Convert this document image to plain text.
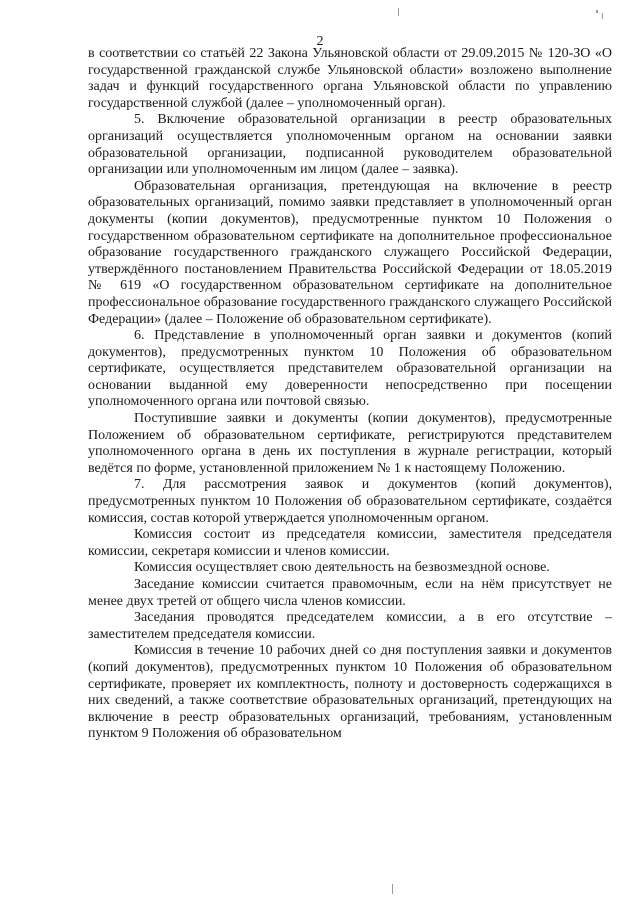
2

в соответствии со статьёй 22 Закона Ульяновской области от 29.09.2015 № 120-ЗО «О государственной гражданской службе Ульяновской области» возложено выполнение задач и функций государственного органа Ульяновской области по управлению государственной службой (далее – уполномоченный орган).

5. Включение образовательной организации в реестр образовательных организаций осуществляется уполномоченным органом на основании заявки образовательной организации, подписанной руководителем образовательной организации или уполномоченным им лицом (далее – заявка).

Образовательная организация, претендующая на включение в реестр образовательных организаций, помимо заявки представляет в уполномоченный орган документы (копии документов), предусмотренные пунктом 10 Положения о государственном образовательном сертификате на дополнительное профессиональное образование государственного гражданского служащего Российской Федерации, утверждённого постановлением Правительства Российской Федерации от 18.05.2019 № 619 «О государственном образовательном сертификате на дополнительное профессиональное образование государственного гражданского служащего Российской Федерации» (далее – Положение об образовательном сертификате).

6. Представление в уполномоченный орган заявки и документов (копий документов), предусмотренных пунктом 10 Положения об образовательном сертификате, осуществляется представителем образовательной организации на основании выданной ему доверенности непосредственно при посещении уполномоченного органа или почтовой связью.

Поступившие заявки и документы (копии документов), предусмотренные Положением об образовательном сертификате, регистрируются представителем уполномоченного органа в день их поступления в журнале регистрации, который ведётся по форме, установленной приложением № 1 к настоящему Положению.

7. Для рассмотрения заявок и документов (копий документов), предусмотренных пунктом 10 Положения об образовательном сертификате, создаётся комиссия, состав которой утверждается уполномоченным органом.

Комиссия состоит из председателя комиссии, заместителя председателя комиссии, секретаря комиссии и членов комиссии.

Комиссия осуществляет свою деятельность на безвозмездной основе.

Заседание комиссии считается правомочным, если на нём присутствует не менее двух третей от общего числа членов комиссии.

Заседания проводятся председателем комиссии, а в его отсутствие – заместителем председателя комиссии.

Комиссия в течение 10 рабочих дней со дня поступления заявки и документов (копий документов), предусмотренных пунктом 10 Положения об образовательном сертификате, проверяет их комплектность, полноту и достоверность содержащихся в них сведений, а также соответствие образовательных организаций, претендующих на включение в реестр образовательных организаций, требованиям, установленным пунктом 9 Положения об образовательном
